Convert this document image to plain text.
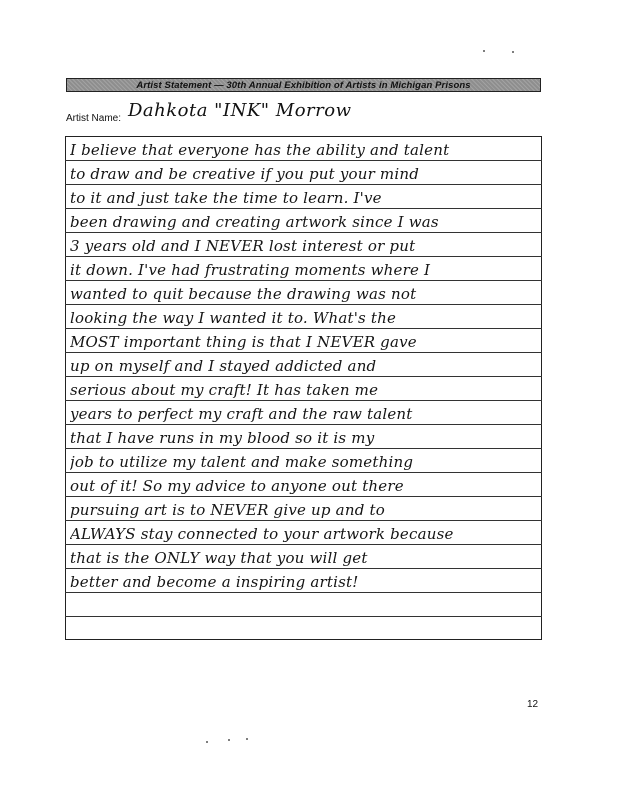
Artist Statement — 30th Annual Exhibition of Artists in Michigan Prisons
Artist Name: Dahkota "INK" Morrow
I believe that everyone has the ability and talent
to draw and be creative if you put your mind
to it and just take the time to learn. I've
been drawing and creating artwork since I was
3 years old and I NEVER lost interest or put
it down. I've had frustrating moments where I
wanted to quit because the drawing was not
looking the way I wanted it to. What's the
MOST important thing is that I NEVER gave
up on myself and I stayed addicted and
serious about my craft! It has taken me
years to perfect my craft and the raw talent
that I have runs in my blood so it is my
job to utilize my talent and make something
out of it! So my advice to anyone out there
pursuing art is to NEVER give up and to
ALWAYS stay connected to your artwork because
that is the ONLY way that you will get
better and become a inspiring artist!
12
